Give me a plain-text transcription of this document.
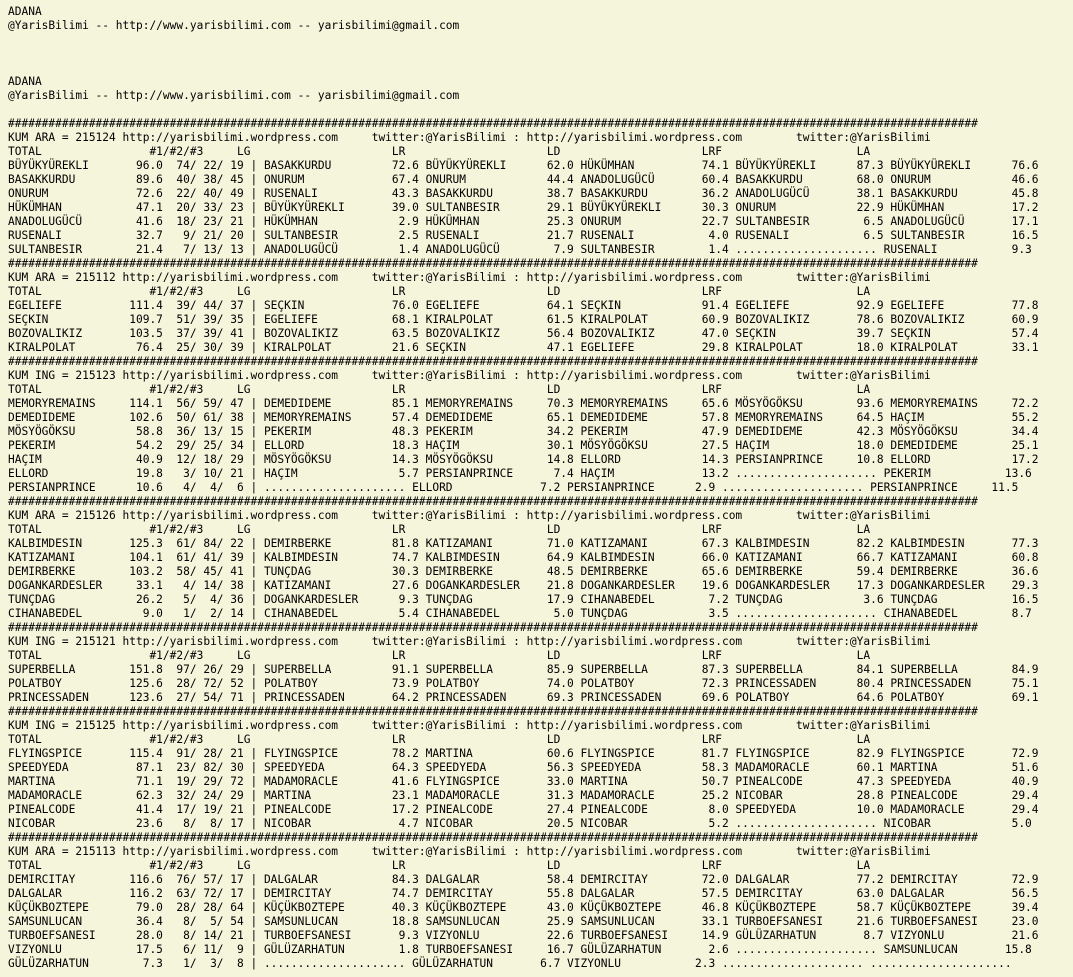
ADANA
@YarisBilimi -- http://www.yarisbilimi.com -- yarisbilimi@gmail.com
ADANA
@YarisBilimi -- http://www.yarisbilimi.com -- yarisbilimi@gmail.com
################################################################################################################################################
KUM ARA = 215124 http://yarisbilimi.wordpress.com     twitter:@YarisBilimi : http://yarisbilimi.wordpress.com        twitter:@YarisBilimi
TOTAL                #1/#2/#3     LG                     LR                     LD                     LRF                    LA
BÜYÜKYÜREKLI       96.0  74/ 22/ 19 | BASAKKURDU         72.6 BÜYÜKYÜREKLI      62.0 HÜKÜMHAN          74.1 BÜYÜKYÜREKLI      87.3 BÜYÜKYÜREKLI      76.6
BASAKKURDU         89.6  40/ 38/ 45 | ONURUM             67.4 ONURUM            44.4 ANADOLUGÜCÜ       60.4 BASAKKURDU        68.0 ONURUM            46.6
ONURUM             72.6  22/ 40/ 49 | RUSENALI           43.3 BASAKKURDU        38.7 BASAKKURDU        36.2 ANADOLUGÜCÜ       38.1 BASAKKURDU        45.8
HÜKÜMHAN           47.1  20/ 33/ 23 | BÜYÜKYÜREKLI       39.0 SULTANBESIR       29.1 BÜYÜKYÜREKLI      30.3 ONURUM            22.9 HÜKÜMHAN          17.2
ANADOLUGÜCÜ        41.6  18/ 23/ 21 | HÜKÜMHAN            2.9 HÜKÜMHAN          25.3 ONURUM            22.7 SULTANBESIR        6.5 ANADOLUGÜCÜ       17.1
RUSENALI           32.7   9/ 21/ 20 | SULTANBESIR         2.5 RUSENALI          21.7 RUSENALI           4.0 RUSENALI           6.5 SULTANBESIR       16.5
SULTANBESIR        21.4   7/ 13/ 13 | ANADOLUGÜCÜ         1.4 ANADOLUGÜCÜ        7.9 SULTANBESIR        1.4 ..................... RUSENALI           9.3
################################################################################################################################################
KUM ARA = 215112 http://yarisbilimi.wordpress.com     twitter:@YarisBilimi : http://yarisbilimi.wordpress.com        twitter:@YarisBilimi
TOTAL                #1/#2/#3     LG                     LR                     LD                     LRF                    LA
EGELIEFE          111.4  39/ 44/ 37 | SEÇKIN             76.0 EGELIEFE          64.1 SEÇKIN            91.4 EGELIEFE          92.9 EGELIEFE          77.8
SEÇKIN            109.7  51/ 39/ 35 | EGELIEFE           68.1 KIRALPOLAT        61.5 KIRALPOLAT        60.9 BOZOVALIKIZ       78.6 BOZOVALIKIZ       60.9
BOZOVALIKIZ       103.5  37/ 39/ 41 | BOZOVALIKIZ        63.5 BOZOVALIKIZ       56.4 BOZOVALIKIZ       47.0 SEÇKIN            39.7 SEÇKIN            57.4
KIRALPOLAT         76.4  25/ 30/ 39 | KIRALPOLAT         21.6 SEÇKIN            47.1 EGELIEFE          29.8 KIRALPOLAT        18.0 KIRALPOLAT        33.1
################################################################################################################################################
KUM ING = 215123 http://yarisbilimi.wordpress.com     twitter:@YarisBilimi : http://yarisbilimi.wordpress.com        twitter:@YarisBilimi
TOTAL                #1/#2/#3     LG                     LR                     LD                     LRF                    LA
MEMORYREMAINS     114.1  56/ 59/ 47 | DEMEDIDEME         85.1 MEMORYREMAINS     70.3 MEMORYREMAINS     65.6 MÖSYÖGÖKSU        93.6 MEMORYREMAINS     72.2
DEMEDIDEME        102.6  50/ 61/ 38 | MEMORYREMAINS      57.4 DEMEDIDEME        65.1 DEMEDIDEME        57.8 MEMORYREMAINS     64.5 HAÇIM             55.2
MÖSYÖGÖKSU         58.8  36/ 13/ 15 | PEKERIM            48.3 PEKERIM           34.2 PEKERIM           47.9 DEMEDIDEME        42.3 MÖSYÖGÖKSU        34.4
PEKERIM            54.2  29/ 25/ 34 | ELLORD             18.3 HAÇIM             30.1 MÖSYÖGÖKSU        27.5 HAÇIM             18.0 DEMEDIDEME        25.1
HAÇIM              40.9  12/ 18/ 29 | MÖSYÖGÖKSU         14.3 MÖSYÖGÖKSU        14.8 ELLORD            14.3 PERSIANPRINCE     10.8 ELLORD            17.2
ELLORD             19.8   3/ 10/ 21 | HAÇIM               5.7 PERSIANPRINCE      7.4 HAÇIM             13.2 ..................... PEKERIM           13.6
PERSIANPRINCE      10.6   4/  4/  6 | ..................... ELLORD             7.2 PERSIANPRINCE      2.9 ..................... PERSIANPRINCE     11.5
################################################################################################################################################
KUM ARA = 215126 http://yarisbilimi.wordpress.com     twitter:@YarisBilimi : http://yarisbilimi.wordpress.com        twitter:@YarisBilimi
TOTAL                #1/#2/#3     LG                     LR                     LD                     LRF                    LA
KALBIMDESIN       125.3  61/ 84/ 22 | DEMIRBERKE         81.8 KATIZAMANI        71.0 KATIZAMANI        67.3 KALBIMDESIN       82.2 KALBIMDESIN       77.3
KATIZAMANI        104.1  61/ 41/ 39 | KALBIMDESIN        74.7 KALBIMDESIN       64.9 KALBIMDESIN       66.0 KATIZAMANI        66.7 KATIZAMANI        60.8
DEMIRBERKE        103.2  58/ 45/ 41 | TUNÇDAG            30.3 DEMIRBERKE        48.5 DEMIRBERKE        65.6 DEMIRBERKE        59.4 DEMIRBERKE        36.6
DOGANKARDESLER     33.1   4/ 14/ 38 | KATIZAMANI         27.6 DOGANKARDESLER    21.8 DOGANKARDESLER    19.6 DOGANKARDESLER    17.3 DOGANKARDESLER    29.3
TUNÇDAG            26.2   5/  4/ 36 | DOGANKARDESLER      9.3 TUNÇDAG           17.9 CIHANABEDEL        7.2 TUNÇDAG            3.6 TUNÇDAG           16.5
CIHANABEDEL         9.0   1/  2/ 14 | CIHANABEDEL         5.4 CIHANABEDEL        5.0 TUNÇDAG            3.5 ..................... CIHANABEDEL        8.7
################################################################################################################################################
KUM ING = 215121 http://yarisbilimi.wordpress.com     twitter:@YarisBilimi : http://yarisbilimi.wordpress.com        twitter:@YarisBilimi
TOTAL                #1/#2/#3     LG                     LR                     LD                     LRF                    LA
SUPERBELLA        151.8  97/ 26/ 29 | SUPERBELLA         91.1 SUPERBELLA        85.9 SUPERBELLA        87.3 SUPERBELLA        84.1 SUPERBELLA        84.9
POLATBOY          125.6  28/ 72/ 52 | POLATBOY           73.9 POLATBOY          74.0 POLATBOY          72.3 PRINCESSADEN      80.4 PRINCESSADEN      75.1
PRINCESSADEN      123.6  27/ 54/ 71 | PRINCESSADEN       64.2 PRINCESSADEN      69.3 PRINCESSADEN      69.6 POLATBOY          64.6 POLATBOY          69.1
################################################################################################################################################
KUM ING = 215125 http://yarisbilimi.wordpress.com     twitter:@YarisBilimi : http://yarisbilimi.wordpress.com        twitter:@YarisBilimi
TOTAL                #1/#2/#3     LG                     LR                     LD                     LRF                    LA
FLYINGSPICE       115.4  91/ 28/ 21 | FLYINGSPICE        78.2 MARTINA           60.6 FLYINGSPICE       81.7 FLYINGSPICE       82.9 FLYINGSPICE       72.9
SPEEDYEDA          87.1  23/ 82/ 30 | SPEEDYEDA          64.3 SPEEDYEDA         56.3 SPEEDYEDA         58.3 MADAMORACLE       60.1 MARTINA           51.6
MARTINA            71.1  19/ 29/ 72 | MADAMORACLE        41.6 FLYINGSPICE       33.0 MARTINA           50.7 PINEALCODE        47.3 SPEEDYEDA         40.9
MADAMORACLE        62.3  32/ 24/ 29 | MARTINA            23.1 MADAMORACLE       31.3 MADAMORACLE       25.2 NICOBAR           28.8 PINEALCODE        29.4
PINEALCODE         41.4  17/ 19/ 21 | PINEALCODE         17.2 PINEALCODE        27.4 PINEALCODE         8.0 SPEEDYEDA         10.0 MADAMORACLE       29.4
NICOBAR            23.6   8/  8/ 17 | NICOBAR             4.7 NICOBAR           20.5 NICOBAR            5.2 ..................... NICOBAR            5.0
################################################################################################################################################
KUM ARA = 215113 http://yarisbilimi.wordpress.com     twitter:@YarisBilimi : http://yarisbilimi.wordpress.com        twitter:@YarisBilimi
TOTAL                #1/#2/#3     LG                     LR                     LD                     LRF                    LA
DEMIRCITAY        116.6  76/ 57/ 17 | DALGALAR           84.3 DALGALAR          58.4 DEMIRCITAY        72.0 DALGALAR          77.2 DEMIRCITAY        72.9
DALGALAR          116.2  63/ 72/ 17 | DEMIRCITAY         74.7 DEMIRCITAY        55.8 DALGALAR          57.5 DEMIRCITAY        63.0 DALGALAR          56.5
KÜÇÜKBOZTEPE       79.0  28/ 28/ 64 | KÜÇÜKBOZTEPE       40.3 KÜÇÜKBOZTEPE      43.0 KÜÇÜKBOZTEPE      46.8 KÜÇÜKBOZTEPE      58.7 KÜÇÜKBOZTEPE      39.4
SAMSUNLUCAN        36.4   8/  5/ 54 | SAMSUNLUCAN        18.8 SAMSUNLUCAN       25.9 SAMSUNLUCAN       33.1 TURBOEFSANESI     21.6 TURBOEFSANESI     23.0
TURBOEFSANESI      28.0   8/ 14/ 21 | TURBOEFSANESI       9.3 VIZYONLU          22.6 TURBOEFSANESI     14.9 GÜLÜZARHATUN       8.7 VIZYONLU          21.6
VIZYONLU           17.5   6/ 11/  9 | GÜLÜZARHATUN        1.8 TURBOEFSANESI     16.7 GÜLÜZARHATUN       2.6 ..................... SAMSUNLUCAN       15.8
GÜLÜZARHATUN        7.3   1/  3/  8 | ..................... GÜLÜZARHATUN       6.7 VIZYONLU           2.3 ..................... .....................
